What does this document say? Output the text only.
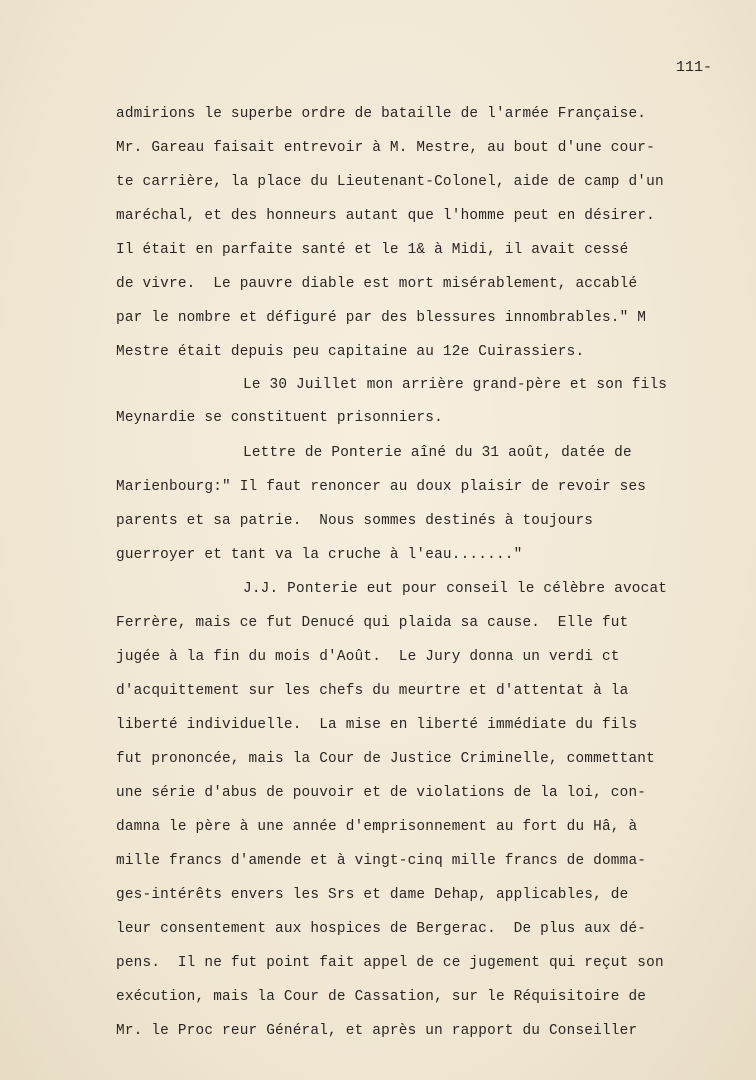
111-
admirions le superbe ordre de bataille de l'armée Française.
Mr. Gareau faisait entrevoir à M. Mestre, au bout d'une cour-
te carrière, la place du Lieutenant-Colonel, aide de camp d'un
maréchal, et des honneurs autant que l'homme peut en désirer.
Il était en parfaite santé et le 1& à Midi, il avait cessé
de vivre.  Le pauvre diable est mort misérablement, accablé
par le nombre et défiguré par des blessures innombrables." M
Mestre était depuis peu capitaine au 12e Cuirassiers.
Le 30 Juillet mon arrière grand-père et son fils
Meynardie se constituent prisonniers.
Lettre de Ponterie aîné du 31 août, datée de
Marienbourg:" Il faut renoncer au doux plaisir de revoir ses
parents et sa patrie.  Nous sommes destinés à toujours
guerroyer et tant va la cruche à l'eau......."
J.J. Ponterie eut pour conseil le célèbre avocat
Ferrère, mais ce fut Denucé qui plaida sa cause.  Elle fut
jugée à la fin du mois d'Août.  Le Jury donna un verdi ct
d'acquittement sur les chefs du meurtre et d'attentat à la
liberté individuelle.  La mise en liberté immédiate du fils
fut prononcée, mais la Cour de Justice Criminelle, commettant
une série d'abus de pouvoir et de violations de la loi, con-
damna le père à une année d'emprisonnement au fort du Hâ, à
mille francs d'amende et à vingt-cinq mille francs de domma-
ges-intérêts envers les Srs et dame Dehap, applicables, de
leur consentement aux hospices de Bergerac.  De plus aux dé-
pens.  Il ne fut point fait appel de ce jugement qui reçut son
exécution, mais la Cour de Cassation, sur le Réquisitoire de
Mr. le Proc reur Général, et après un rapport du Conseiller
